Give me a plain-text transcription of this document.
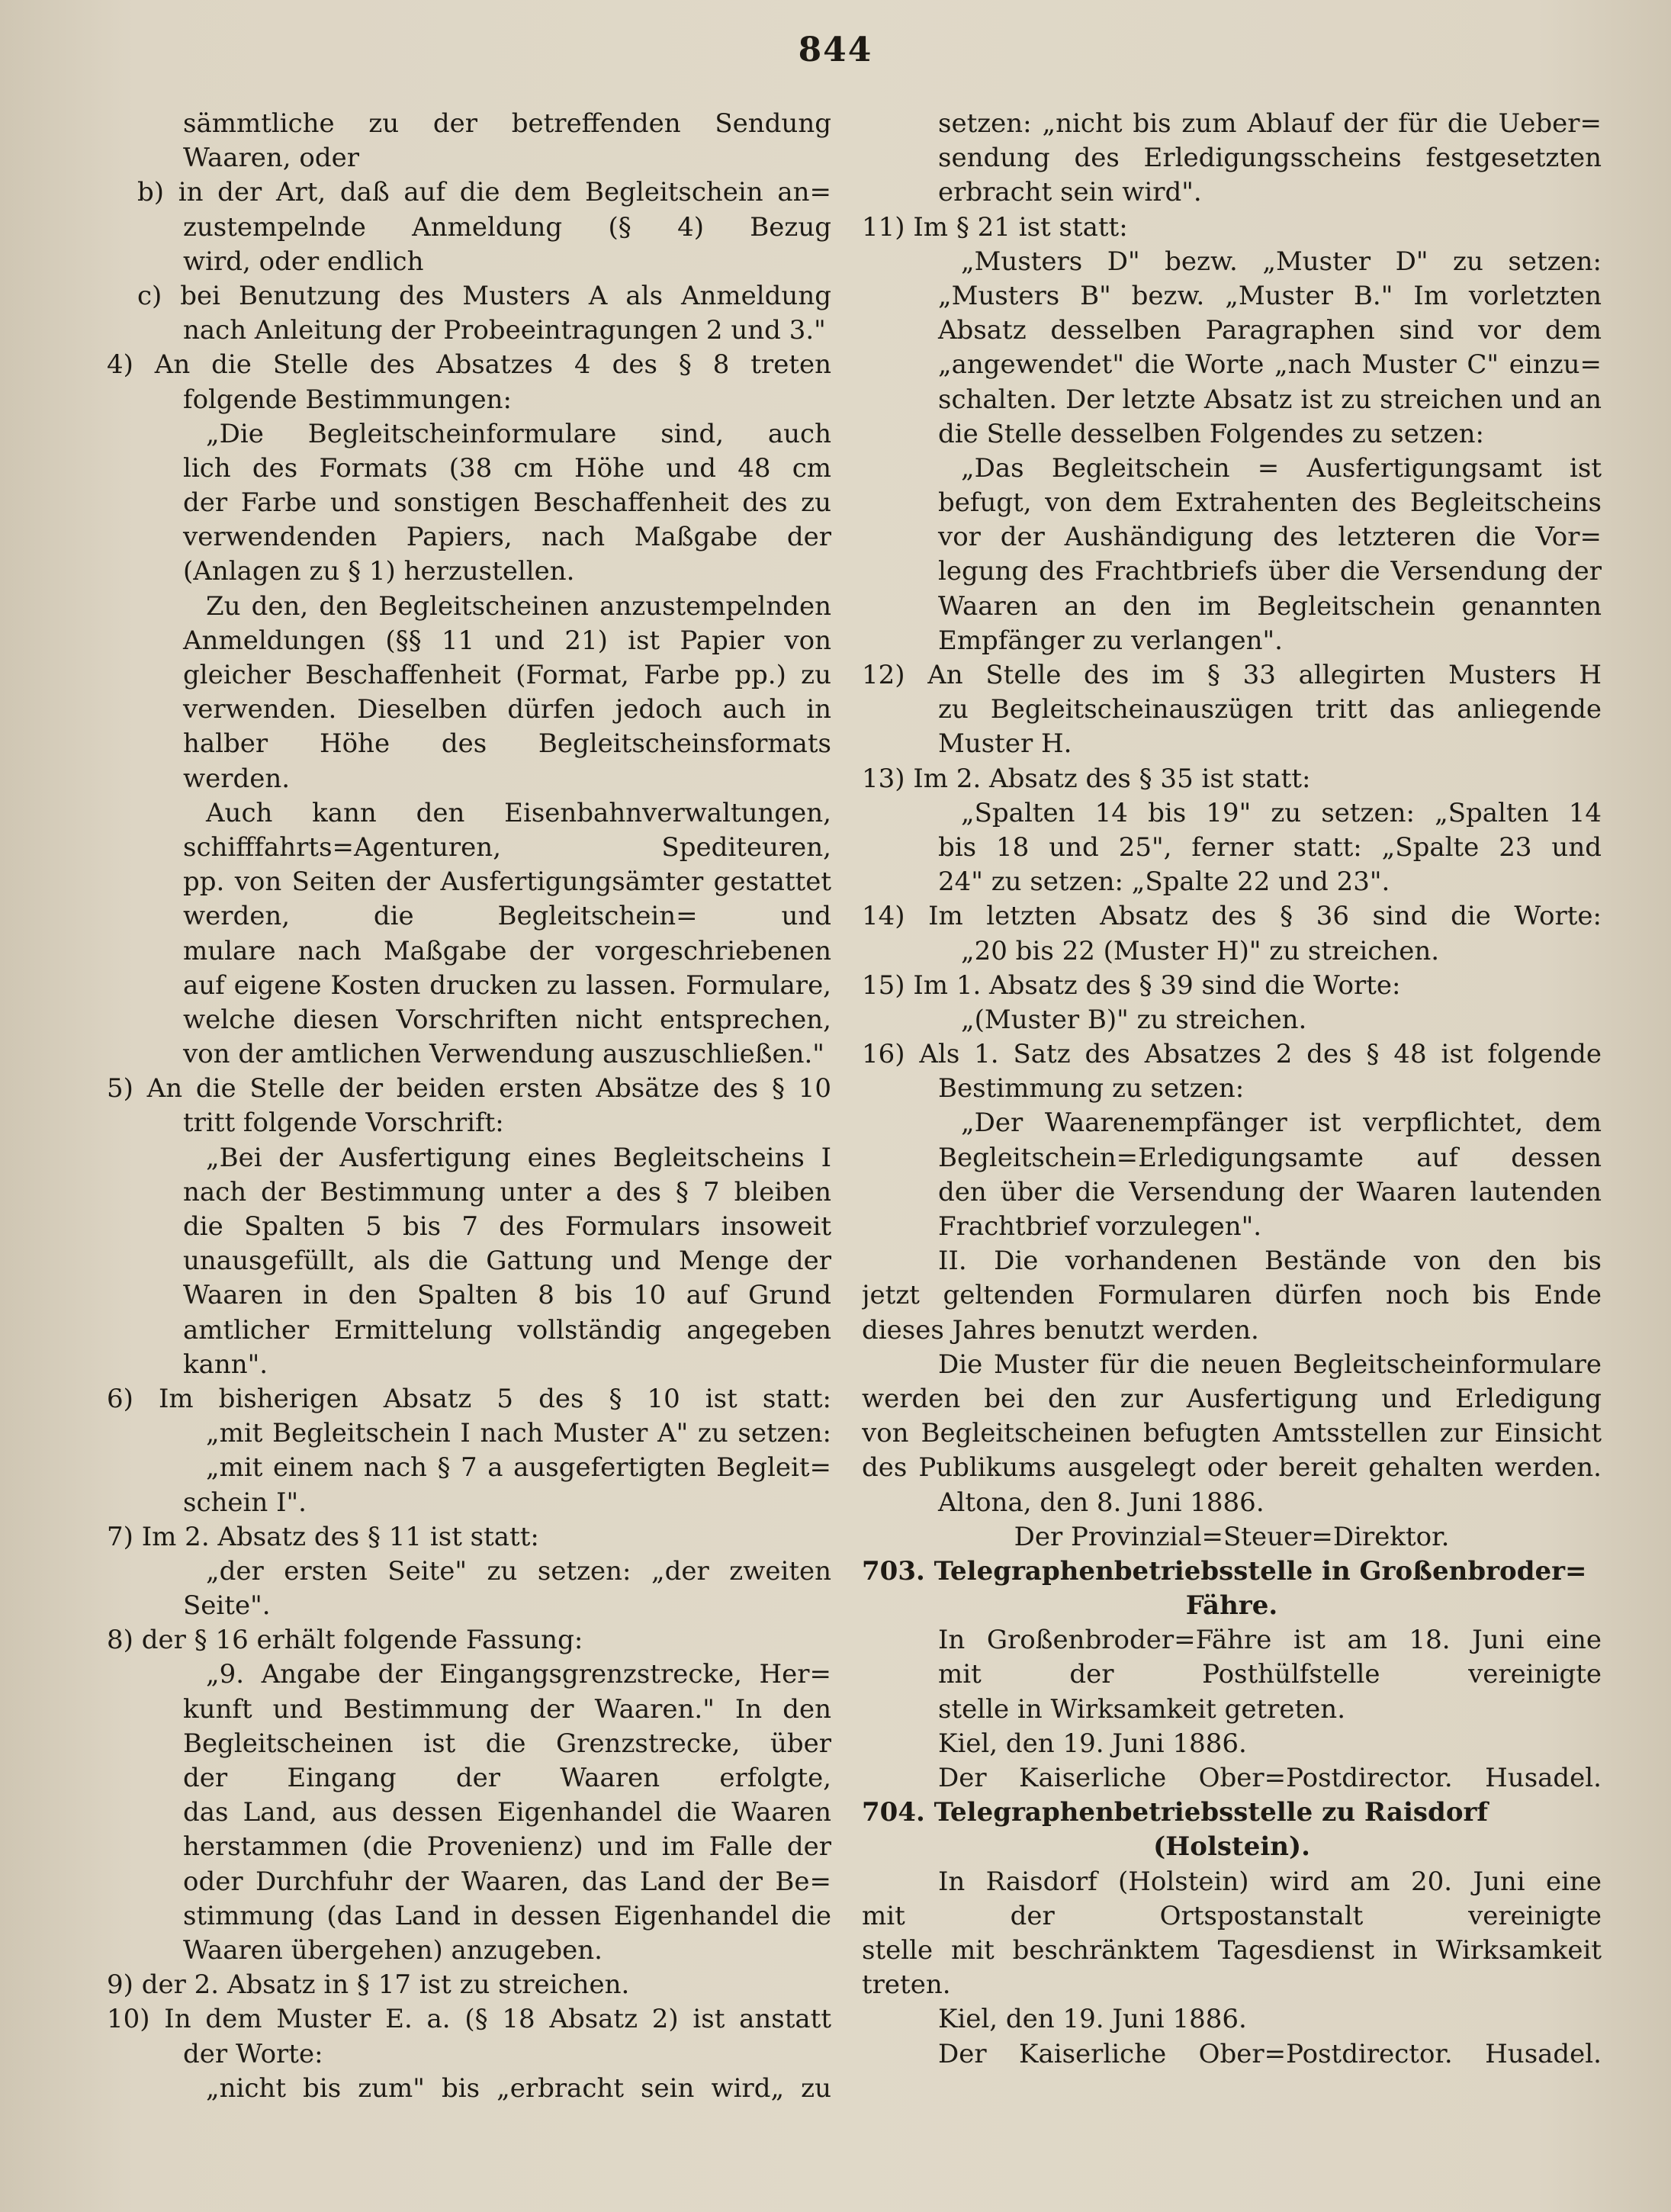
844
sämmtliche zu der betreffenden Sendung
Waaren, oder
b) in der Art, daß auf die dem Begleitschein an=
zustempelnde Anmeldung (§ 4) Bezug
wird, oder endlich
c) bei Benutzung des Musters A als Anmeldung
nach Anleitung der Probeeintragungen 2 und 3."
4) An die Stelle des Absatzes 4 des § 8 treten
folgende Bestimmungen:
„Die Begleitscheinformulare sind, auch
lich des Formats (38 cm Höhe und 48 cm
der Farbe und sonstigen Beschaffenheit des zu
verwendenden Papiers, nach Maßgabe der
(Anlagen zu § 1) herzustellen.
Zu den, den Begleitscheinen anzustempelnden
Anmeldungen (§§ 11 und 21) ist Papier von
gleicher Beschaffenheit (Format, Farbe pp.) zu
verwenden. Dieselben dürfen jedoch auch in
halber Höhe des Begleitscheinsformats
werden.
Auch kann den Eisenbahnverwaltungen,
schifffahrts=Agenturen, Spediteuren,
pp. von Seiten der Ausfertigungsämter gestattet
werden, die Begleitschein= und
mulare nach Maßgabe der vorgeschriebenen
auf eigene Kosten drucken zu lassen. Formulare,
welche diesen Vorschriften nicht entsprechen,
von der amtlichen Verwendung auszuschließen."
5) An die Stelle der beiden ersten Absätze des § 10
tritt folgende Vorschrift:
„Bei der Ausfertigung eines Begleitscheins I
nach der Bestimmung unter a des § 7 bleiben
die Spalten 5 bis 7 des Formulars insoweit
unausgefüllt, als die Gattung und Menge der
Waaren in den Spalten 8 bis 10 auf Grund
amtlicher Ermittelung vollständig angegeben
kann".
6) Im bisherigen Absatz 5 des § 10 ist statt:
„mit Begleitschein I nach Muster A" zu setzen:
„mit einem nach § 7 a ausgefertigten Begleit=
schein I".
7) Im 2. Absatz des § 11 ist statt:
„der ersten Seite" zu setzen: „der zweiten
Seite".
8) der § 16 erhält folgende Fassung:
„9. Angabe der Eingangsgrenzstrecke, Her=
kunft und Bestimmung der Waaren." In den
Begleitscheinen ist die Grenzstrecke, über
der Eingang der Waaren erfolgte,
das Land, aus dessen Eigenhandel die Waaren
herstammen (die Provenienz) und im Falle der
oder Durchfuhr der Waaren, das Land der Be=
stimmung (das Land in dessen Eigenhandel die
Waaren übergehen) anzugeben.
9) der 2. Absatz in § 17 ist zu streichen.
10) In dem Muster E. a. (§ 18 Absatz 2) ist anstatt
der Worte:
„nicht bis zum" bis „erbracht sein wird„ zu
setzen: „nicht bis zum Ablauf der für die Ueber=
sendung des Erledigungsscheins festgesetzten
erbracht sein wird".
11) Im § 21 ist statt:
„Musters D" bezw. „Muster D" zu setzen:
„Musters B" bezw. „Muster B." Im vorletzten
Absatz desselben Paragraphen sind vor dem
„angewendet" die Worte „nach Muster C" einzu=
schalten. Der letzte Absatz ist zu streichen und an
die Stelle desselben Folgendes zu setzen:
„Das Begleitschein = Ausfertigungsamt ist
befugt, von dem Extrahenten des Begleitscheins
vor der Aushändigung des letzteren die Vor=
legung des Frachtbriefs über die Versendung der
Waaren an den im Begleitschein genannten
Empfänger zu verlangen".
12) An Stelle des im § 33 allegirten Musters H
zu Begleitscheinauszügen tritt das anliegende
Muster H.
13) Im 2. Absatz des § 35 ist statt:
„Spalten 14 bis 19" zu setzen: „Spalten 14
bis 18 und 25", ferner statt: „Spalte 23 und
24" zu setzen: „Spalte 22 und 23".
14) Im letzten Absatz des § 36 sind die Worte:
„20 bis 22 (Muster H)" zu streichen.
15) Im 1. Absatz des § 39 sind die Worte:
„(Muster B)" zu streichen.
16) Als 1. Satz des Absatzes 2 des § 48 ist folgende
Bestimmung zu setzen:
„Der Waarenempfänger ist verpflichtet, dem
Begleitschein=Erledigungsamte auf dessen
den über die Versendung der Waaren lautenden
Frachtbrief vorzulegen".
II. Die vorhandenen Bestände von den bis
jetzt geltenden Formularen dürfen noch bis Ende
dieses Jahres benutzt werden.
Die Muster für die neuen Begleitscheinformulare
werden bei den zur Ausfertigung und Erledigung
von Begleitscheinen befugten Amtsstellen zur Einsicht
des Publikums ausgelegt oder bereit gehalten werden.
Altona, den 8. Juni 1886.
Der Provinzial=Steuer=Direktor.
703. Telegraphenbetriebsstelle in Großenbroder=
Fähre.
In Großenbroder=Fähre ist am 18. Juni eine
mit der Posthülfstelle vereinigte
stelle in Wirksamkeit getreten.
Kiel, den 19. Juni 1886.
Der Kaiserliche Ober=Postdirector. Husadel.
704. Telegraphenbetriebsstelle zu Raisdorf
(Holstein).
In Raisdorf (Holstein) wird am 20. Juni eine
mit der Ortspostanstalt vereinigte
stelle mit beschränktem Tagesdienst in Wirksamkeit
treten.
Kiel, den 19. Juni 1886.
Der Kaiserliche Ober=Postdirector. Husadel.
